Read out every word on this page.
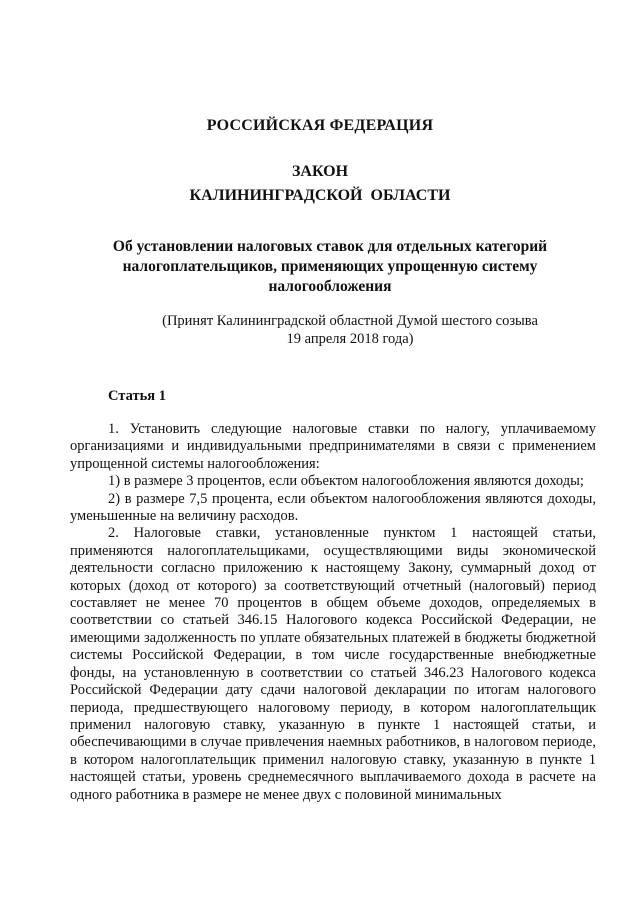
РОССИЙСКАЯ ФЕДЕРАЦИЯ

ЗАКОН

КАЛИНИНГРАДСКОЙ ОБЛАСТИ

Об установлении налоговых ставок для отдельных категорий

налогоплательщиков, применяющих упрощенную систему

налогообложения

(Принят Калининградской областной Думой шестого созыва

19 апреля 2018 года)

Статья 1

1. Установить следующие налоговые ставки по налогу, уплачиваемому организациями и индивидуальными предпринимателями в связи с применением упрощенной системы налогообложения:

1) в размере 3 процентов, если объектом налогообложения являются доходы;

2) в размере 7,5 процента, если объектом налогообложения являются доходы, уменьшенные на величину расходов.

2. Налоговые ставки, установленные пунктом 1 настоящей статьи, применяются налогоплательщиками, осуществляющими виды экономической деятельности согласно приложению к настоящему Закону, суммарный доход от которых (доход от которого) за соответствующий отчетный (налоговый) период составляет не менее 70 процентов в общем объеме доходов, определяемых в соответствии со статьей 346.15 Налогового кодекса Российской Федерации, не имеющими задолженность по уплате обязательных платежей в бюджеты бюджетной системы Российской Федерации, в том числе государственные внебюджетные фонды, на установленную в соответствии со статьей 346.23 Налогового кодекса Российской Федерации дату сдачи налоговой декларации по итогам налогового периода, предшествующего налоговому периоду, в котором налогоплательщик применил налоговую ставку, указанную в пункте 1 настоящей статьи, и обеспечивающими в случае привлечения наемных работников, в налоговом периоде, в котором налогоплательщик применил налоговую ставку, указанную в пункте 1 настоящей статьи, уровень среднемесячного выплачиваемого дохода в расчете на одного работника в размере не менее двух с половиной минимальных
